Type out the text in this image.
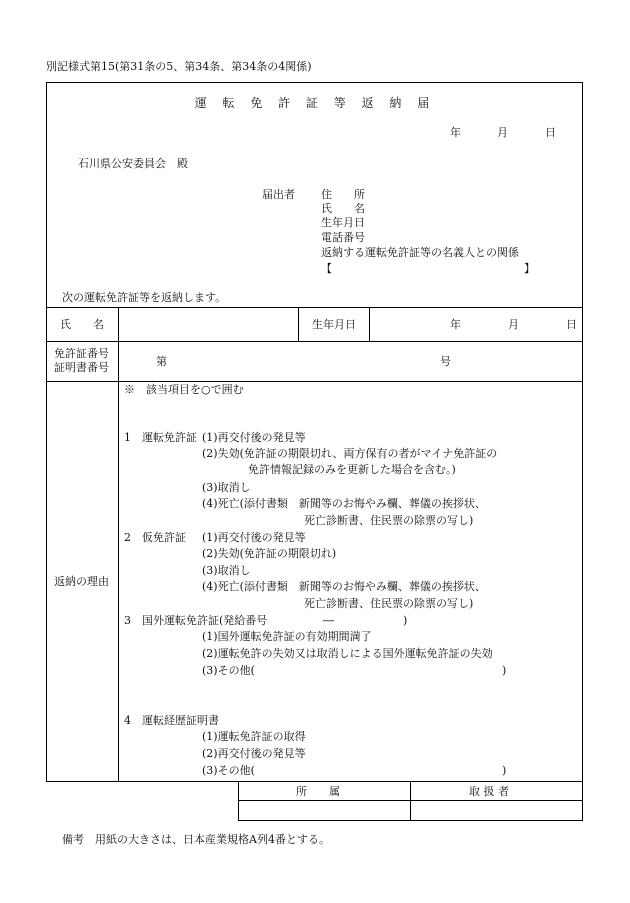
別記様式第15(第31条の5、第34条、第34条の4関係)
運 転 免 許 証 等 返 納 届
年	月	日
石川県公安委員会　殿
届出者 住　　所
氏　　名
生年月日
電話番号
返納する運転免許証等の名義人との関係
【	】
次の運転免許証等を返納します。
氏　　名	生年月日	年	月	日
免許証番号
証明書番号	第	号
返納の理由
※　該当項目を○で囲む
1　運転免許証 (1)再交付後の発見等
(2)失効(免許証の期限切れ、両方保有の者がマイナ免許証の
免許情報記録のみを更新した場合を含む。)
(3)取消し
(4)死亡(添付書類　新聞等のお悔やみ欄、葬儀の挨拶状、
死亡診断書、住民票の除票の写し)
2　仮免許証 (1)再交付後の発見等
(2)失効(免許証の期限切れ)
(3)取消し
(4)死亡(添付書類　新聞等のお悔やみ欄、葬儀の挨拶状、
死亡診断書、住民票の除票の写し)
3　国外運転免許証(発給番号	―	)
(1)国外運転免許証の有効期間満了
(2)運転免許の失効又は取消しによる国外運転免許証の失効
(3)その他(	)
4　運転経歴証明書
(1)運転免許証の取得
(2)再交付後の発見等
(3)その他(	)
所　　属	取 扱 者
備考　用紙の大きさは、日本産業規格A列4番とする。
